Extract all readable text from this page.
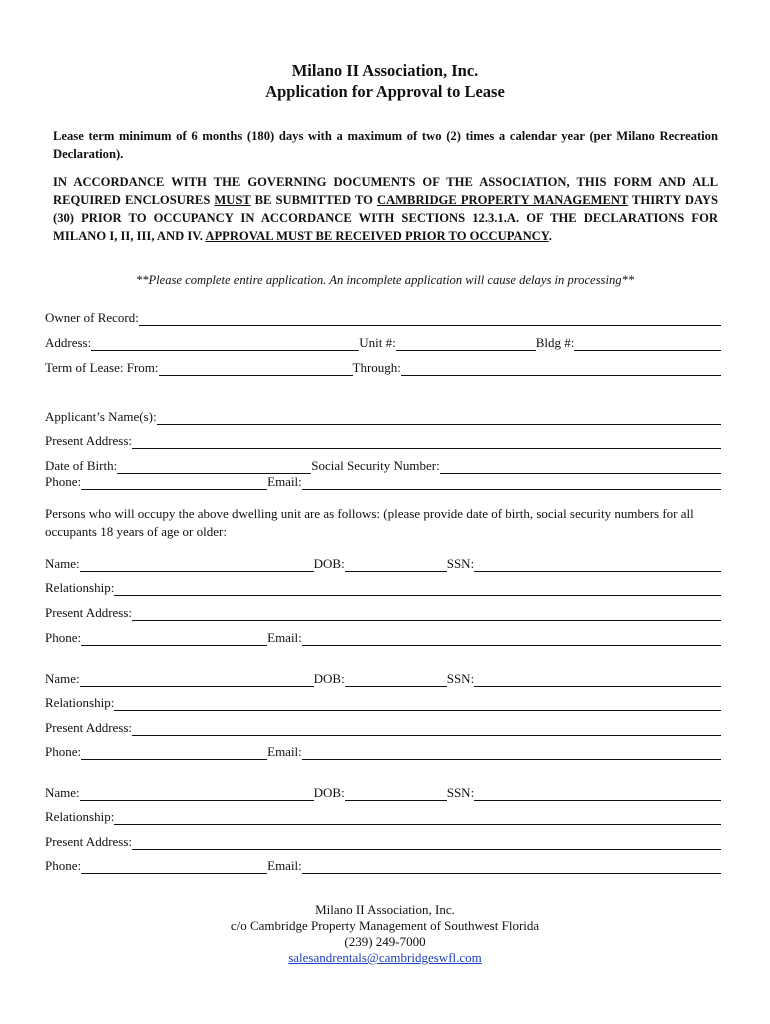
Milano II Association, Inc.
Application for Approval to Lease
Lease term minimum of 6 months (180) days with a maximum of two (2) times a calendar year (per Milano Recreation Declaration).
IN ACCORDANCE WITH THE GOVERNING DOCUMENTS OF THE ASSOCIATION, THIS FORM AND ALL REQUIRED ENCLOSURES MUST BE SUBMITTED TO CAMBRIDGE PROPERTY MANAGEMENT THIRTY DAYS (30) PRIOR TO OCCUPANCY IN ACCORDANCE WITH SECTIONS 12.3.1.A. OF THE DECLARATIONS FOR MILANO I, II, III, AND IV. APPROVAL MUST BE RECEIVED PRIOR TO OCCUPANCY.
**Please complete entire application. An incomplete application will cause delays in processing**
Owner of Record:
Address:	Unit #:	Bldg #:
Term of Lease: From:	Through:
Applicant’s Name(s):
Present Address:
Date of Birth:	Social Security Number:
Phone:	Email:
Persons who will occupy the above dwelling unit are as follows: (please provide date of birth, social security numbers for all occupants 18 years of age or older:
Name:	DOB:	SSN:
Relationship:
Present Address:
Phone:	Email:
Name:	DOB:	SSN:
Relationship:
Present Address:
Phone:	Email:
Name:	DOB:	SSN:
Relationship:
Present Address:
Phone:	Email:
Milano II Association, Inc.
c/o Cambridge Property Management of Southwest Florida
(239) 249-7000
salesandrentals@cambridgeswfl.com
